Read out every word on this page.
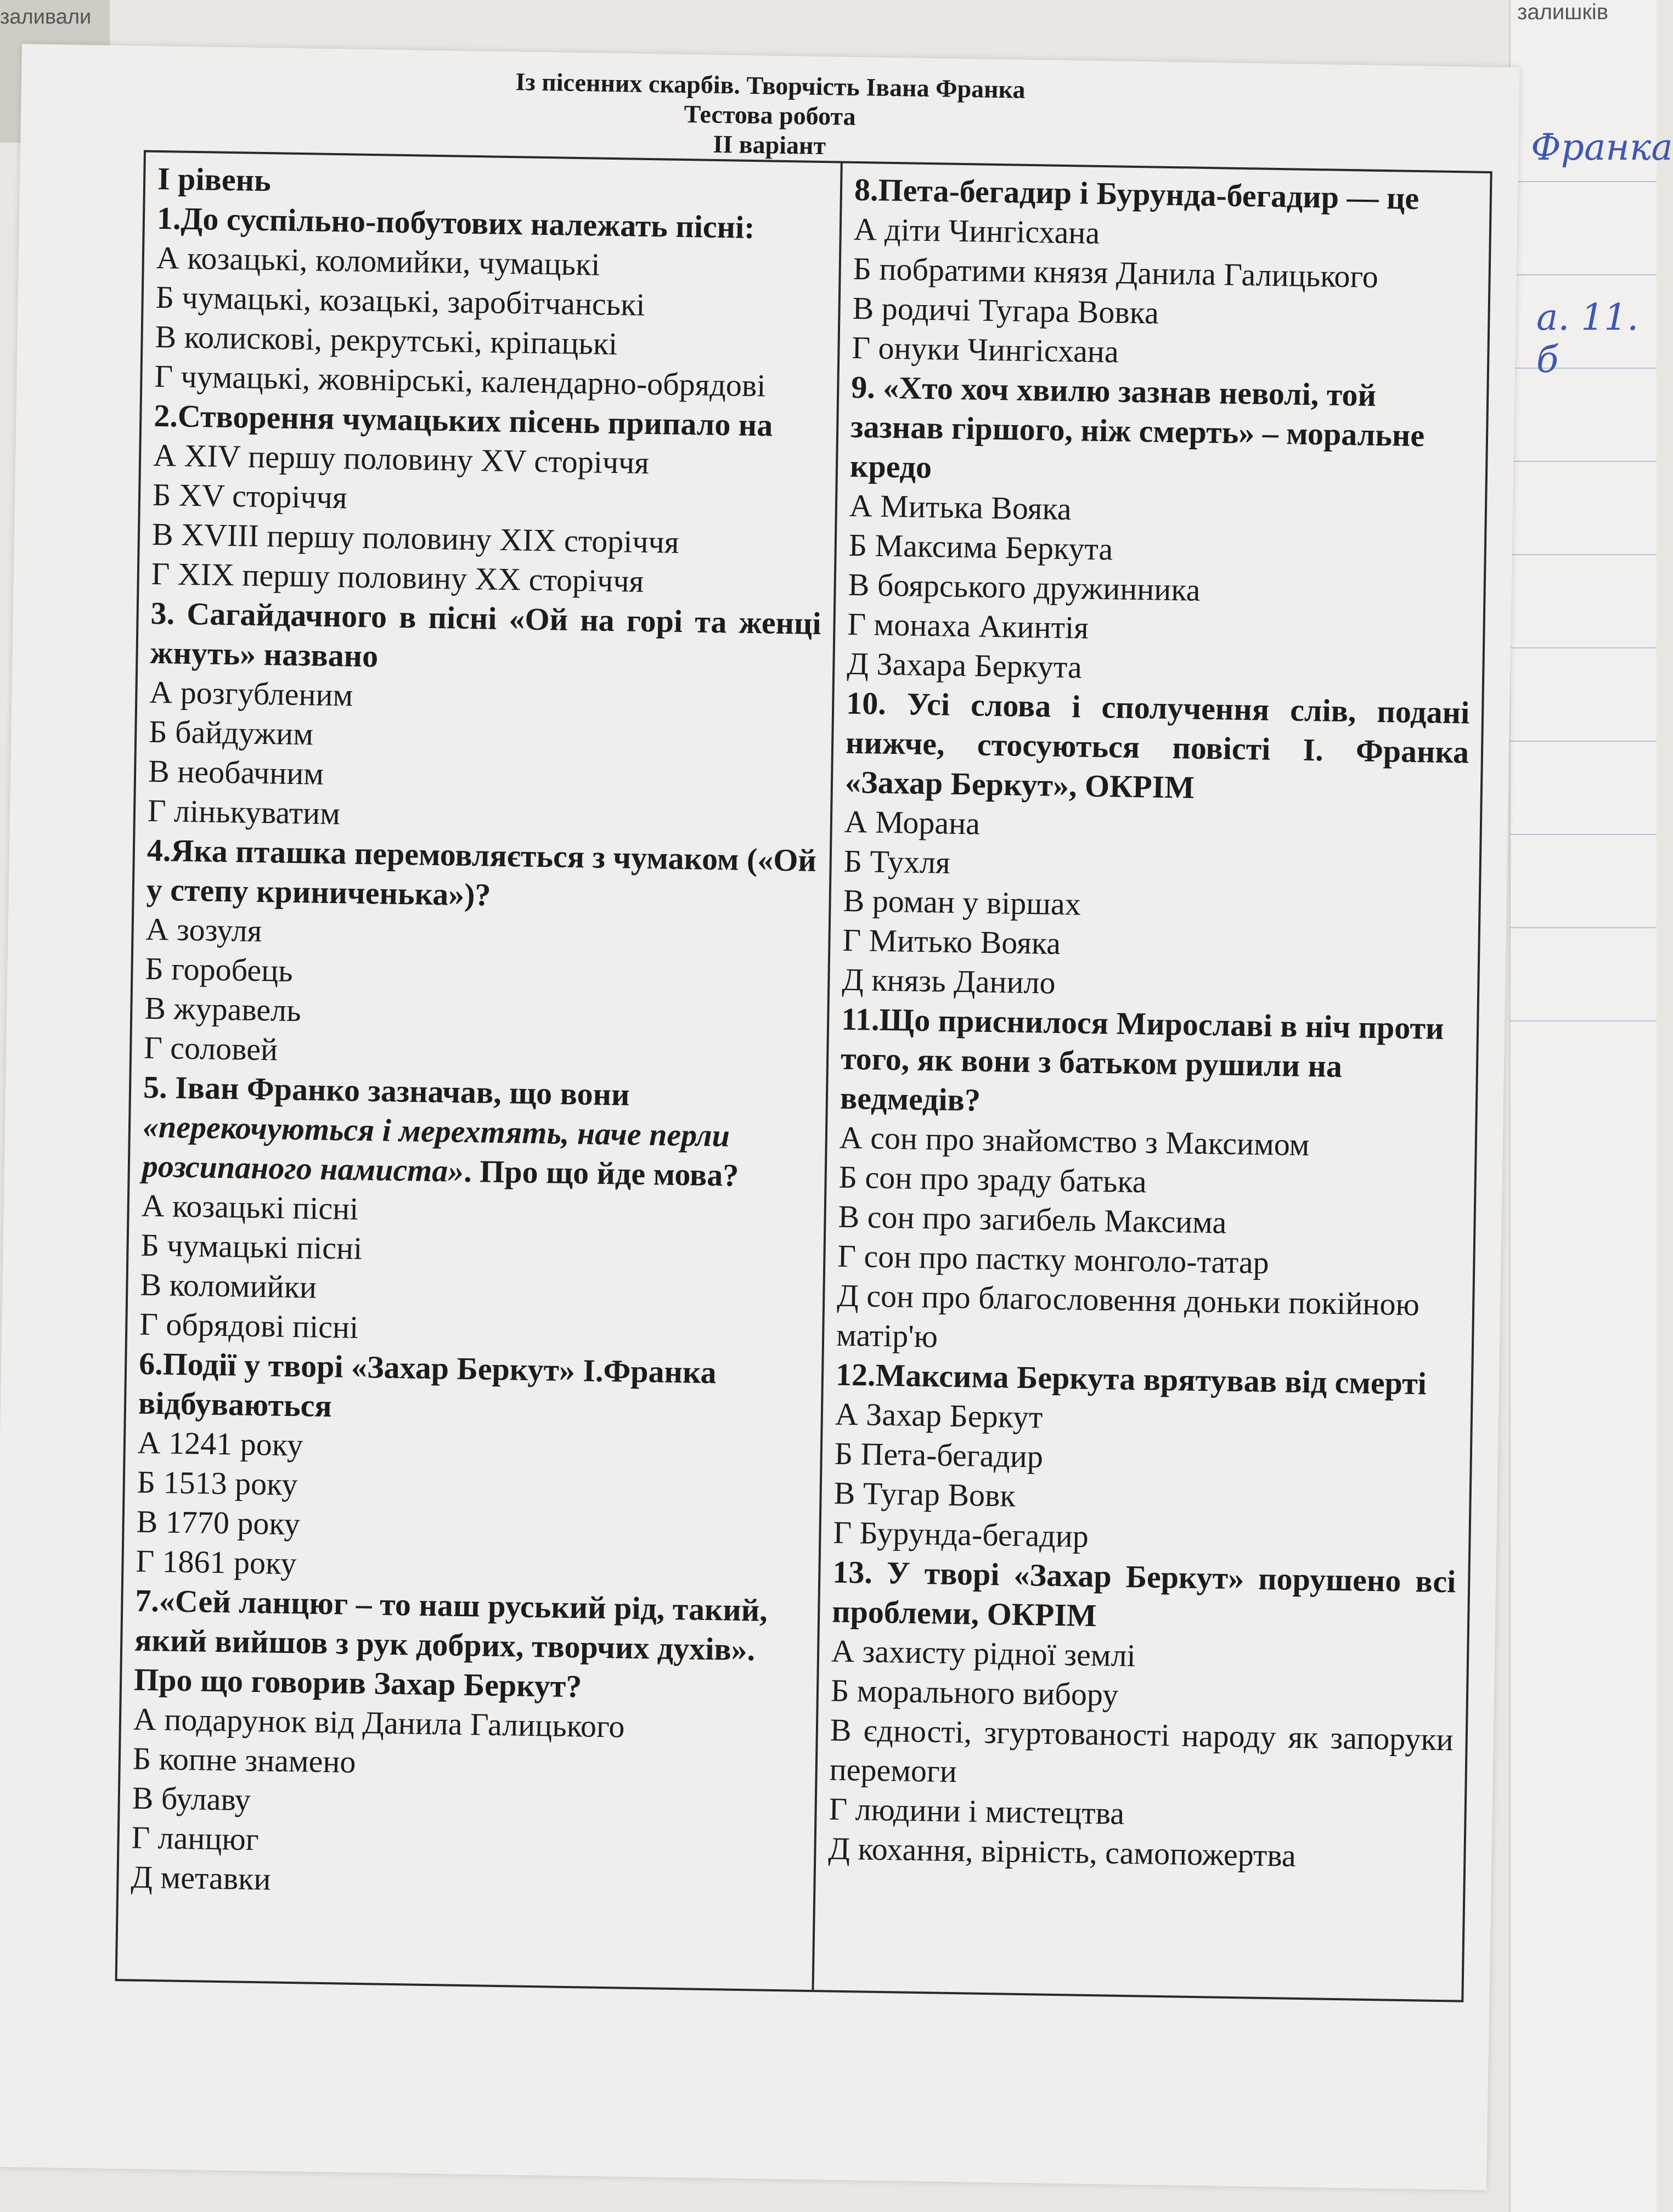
заливали	залишків
Франка
а. 11. б
Із пісенних скарбів. Творчість Івана Франка
Тестова робота
ІІ варіант
І рівень
1.До суспільно-побутових належать пісні:
А козацькі, коломийки, чумацькі
Б чумацькі, козацькі, заробітчанські
В колискові, рекрутські, кріпацькі
Г чумацькі, жовнірські, календарно-обрядові
2.Створення чумацьких пісень припало на
А XIV першу половину XV сторіччя
Б XV сторіччя
В XVIII першу половину XIX сторіччя
Г XIX першу половину XX сторіччя
3. Сагайдачного в пісні «Ой на горі та женці жнуть» названо
А розгубленим
Б байдужим
В необачним
Г лінькуватим
4.Яка пташка перемовляється з чумаком («Ой у степу криниченька»)?
А зозуля
Б горобець
В журавель
Г соловей
5. Іван Франко зазначав, що вони «перекочуються і мерехтять, наче перли розсипаного намиста». Про що йде мова?
А козацькі пісні
Б чумацькі пісні
В коломийки
Г обрядові пісні
6.Події у творі «Захар Беркут» І.Франка відбуваються
А 1241 року
Б 1513 року
В 1770 року
Г 1861 року
7.«Сей ланцюг – то наш руський рід, такий, який вийшов з рук добрих, творчих духів». Про що говорив Захар Беркут?
А подарунок від Данила Галицького
Б копне знамено
В булаву
Г ланцюг
Д метавки
8.Пета-бегадир і Бурунда-бегадир — це
А діти Чингісхана
Б побратими князя Данила Галицького
В родичі Тугара Вовка
Г онуки Чингісхана
9. «Хто хоч хвилю зазнав неволі, той зазнав гіршого, ніж смерть» – моральне кредо
А Митька Вояка
Б Максима Беркута
В боярського дружинника
Г монаха Акинтія
Д Захара Беркута
10. Усі слова і сполучення слів, подані нижче, стосуються повісті І. Франка «Захар Беркут», ОКРІМ
А Морана
Б Тухля
В роман у віршах
Г Митько Вояка
Д князь Данило
11.Що приснилося Мирославі в ніч проти того, як вони з батьком рушили на ведмедів?
А сон про знайомство з Максимом
Б сон про зраду батька
В сон про загибель Максима
Г сон про пастку монголо-татар
Д сон про благословення доньки покійною матір'ю
12.Максима Беркута врятував від смерті
А Захар Беркут
Б Пета-бегадир
В Тугар Вовк
Г Бурунда-бегадир
13. У творі «Захар Беркут» порушено всі проблеми, ОКРІМ
А захисту рідної землі
Б морального вибору
В єдності, згуртованості народу як запоруки перемоги
Г людини і мистецтва
Д кохання, вірність, самопожертва
